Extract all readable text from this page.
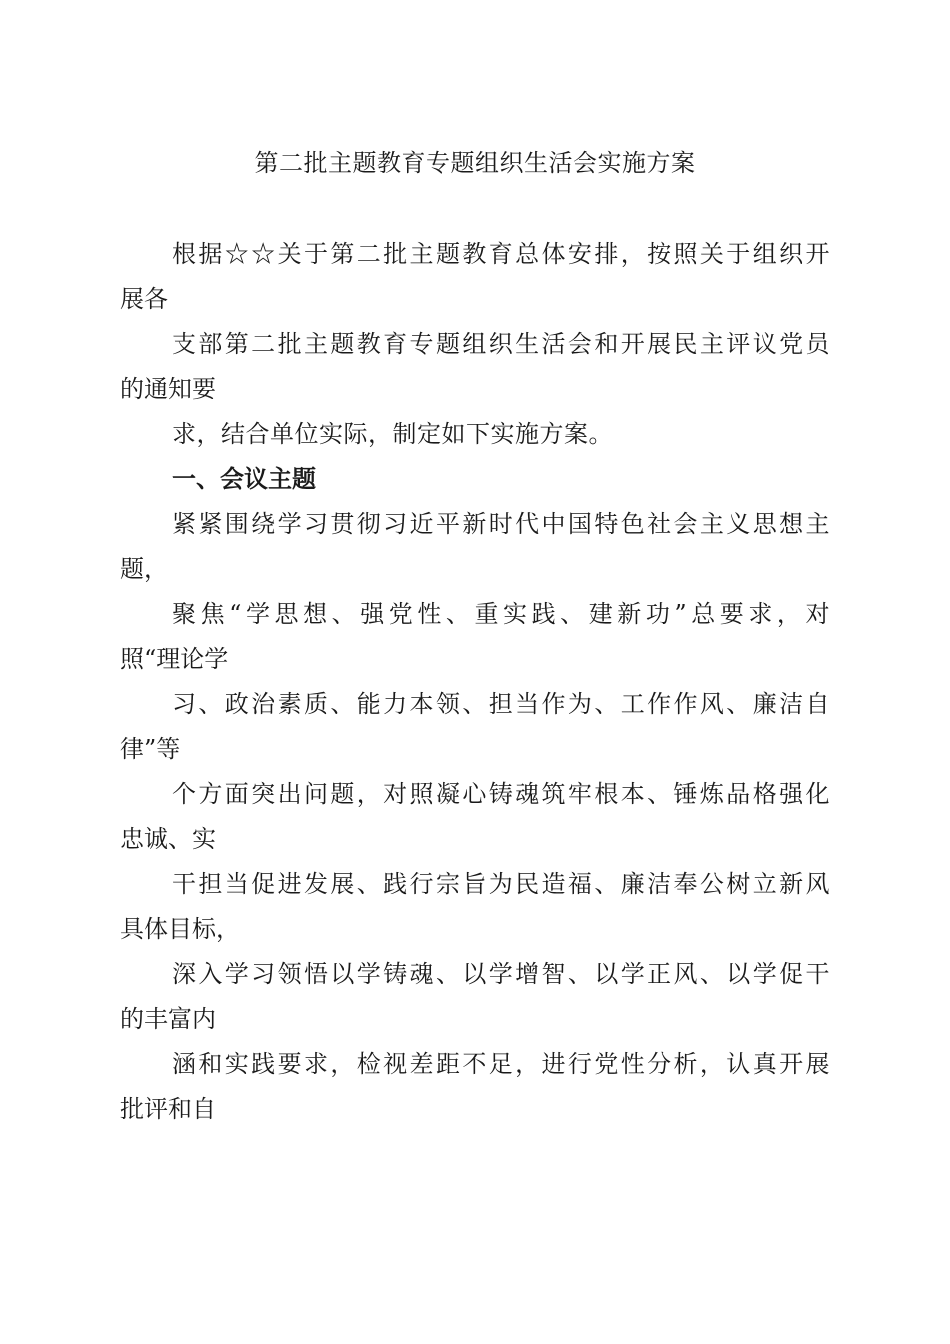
第二批主题教育专题组织生活会实施方案

根据☆☆关于第二批主题教育总体安排，按照关于组织开
展各

支部第二批主题教育专题组织生活会和开展民主评议党员
的通知要

求，结合单位实际，制定如下实施方案。

一、会议主题

紧紧围绕学习贯彻习近平新时代中国特色社会主义思想主
题，

聚焦“学思想、强党性、重实践、建新功”总要求，对
照“理论学

习、政治素质、能力本领、担当作为、工作作风、廉洁自
律”等

个方面突出问题，对照凝心铸魂筑牢根本、锤炼品格强化
忠诚、实

干担当促进发展、践行宗旨为民造福、廉洁奉公树立新风
具体目标，

深入学习领悟以学铸魂、以学增智、以学正风、以学促干
的丰富内

涵和实践要求，检视差距不足，进行党性分析，认真开展
批评和自
